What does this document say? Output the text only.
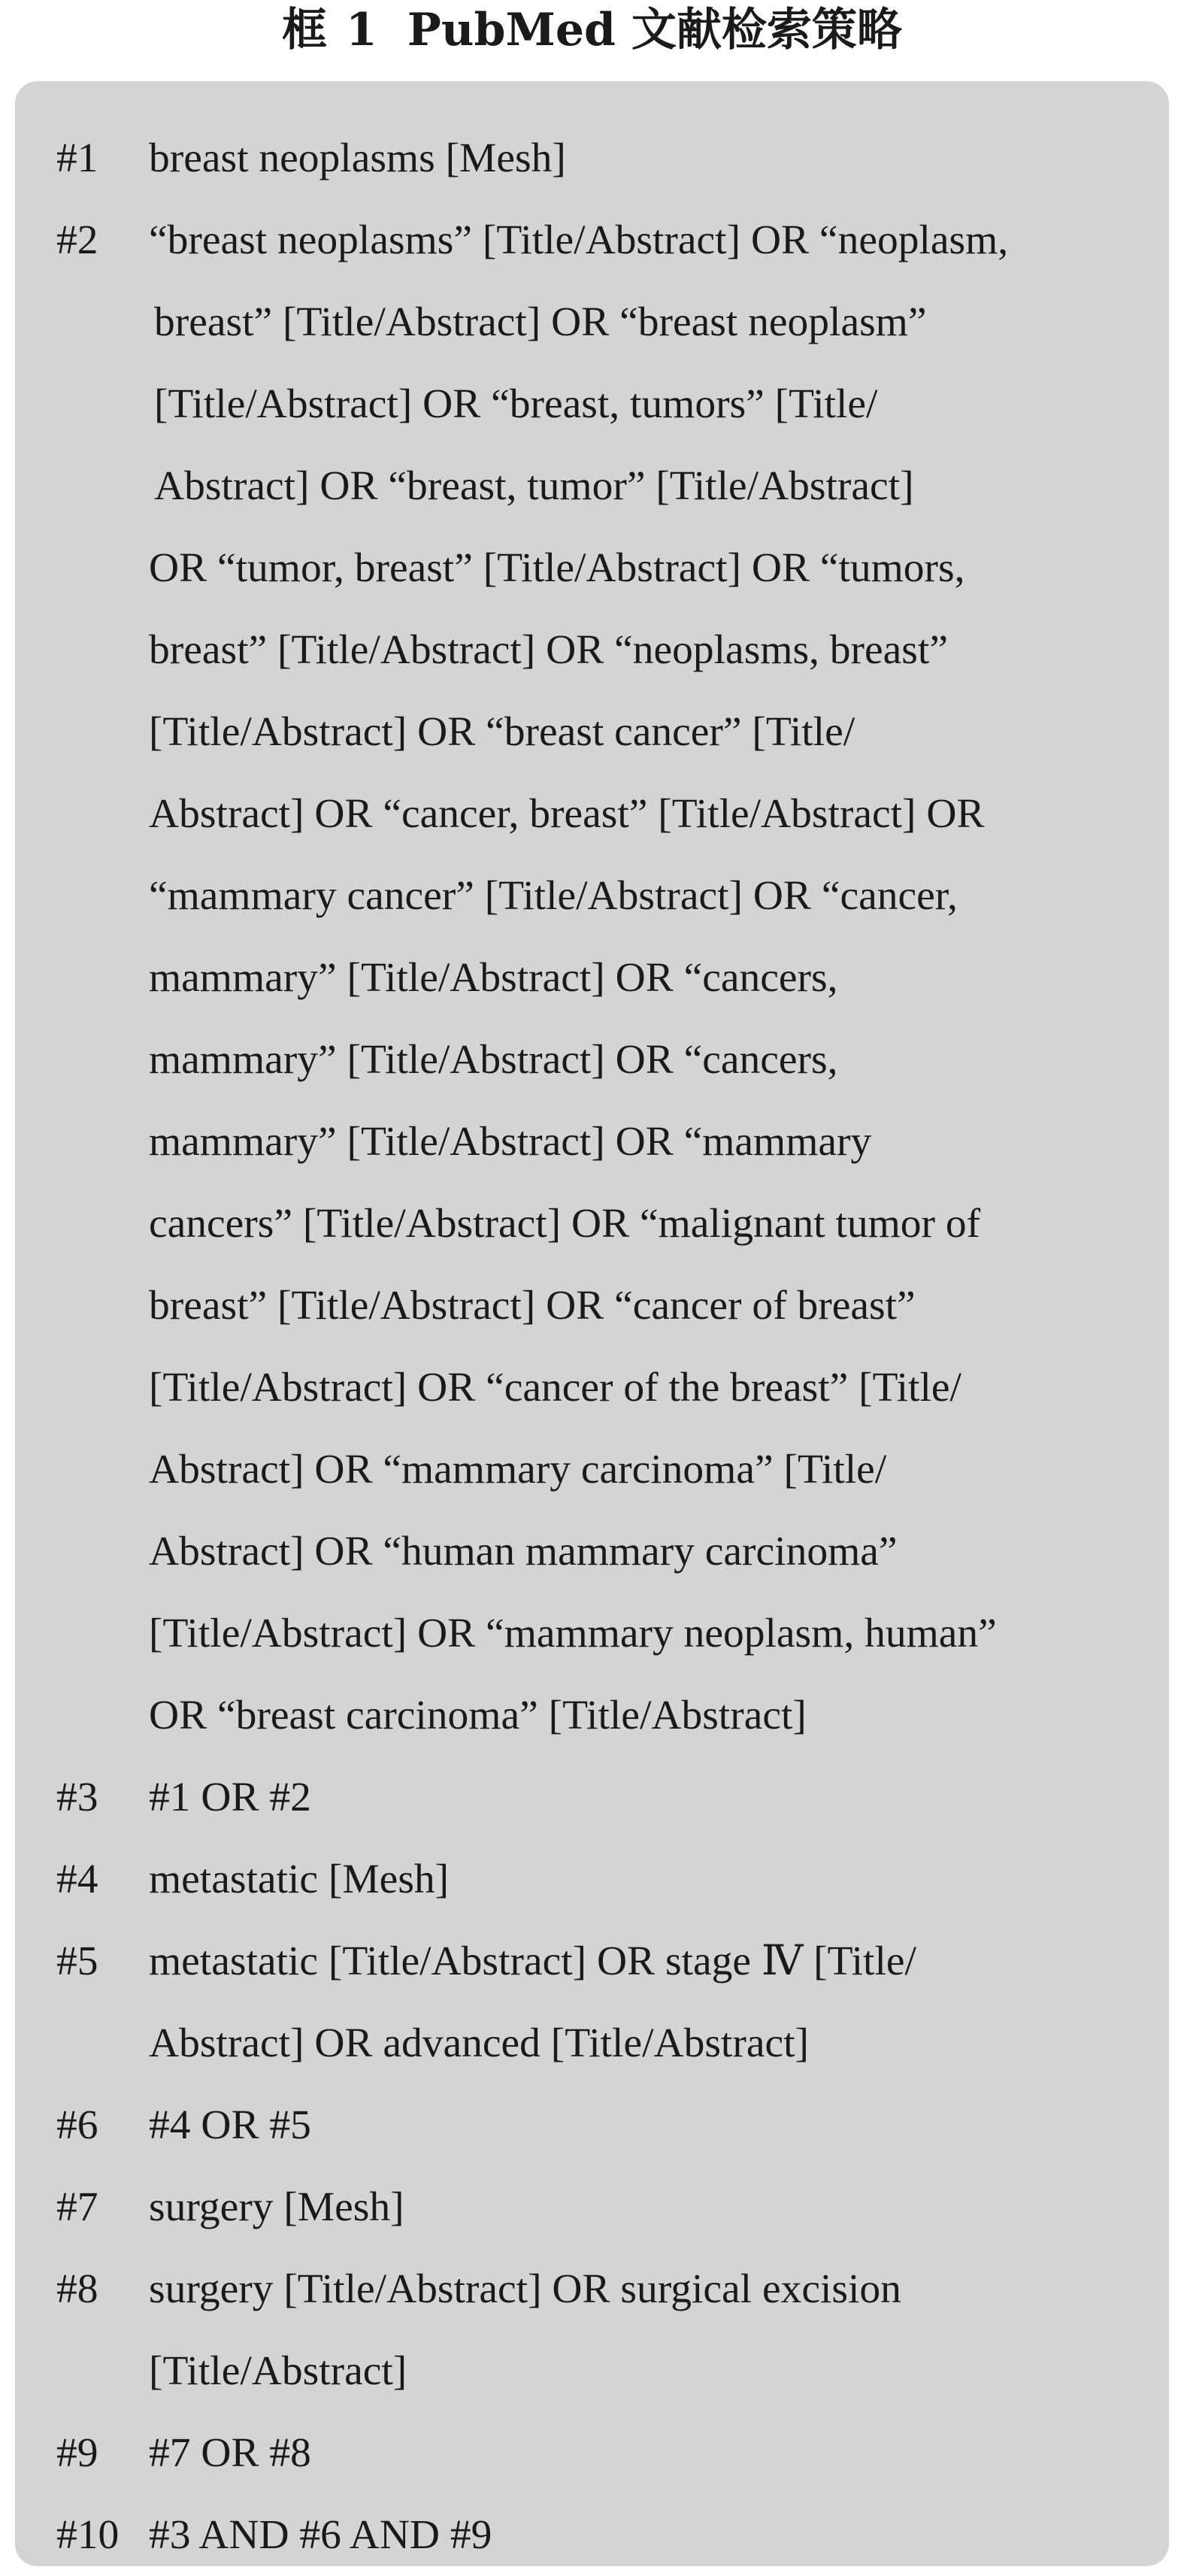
框 1 PubMed 文献检索策略
#1	breast neoplasms [Mesh]
#2	“breast neoplasms” [Title/Abstract] OR “neoplasm,
breast” [Title/Abstract] OR “breast neoplasm”
[Title/Abstract] OR “breast, tumors” [Title/
Abstract] OR “breast, tumor” [Title/Abstract]
OR “tumor, breast” [Title/Abstract] OR “tumors,
breast” [Title/Abstract] OR “neoplasms, breast”
[Title/Abstract] OR “breast cancer” [Title/
Abstract] OR “cancer, breast” [Title/Abstract] OR
“mammary cancer” [Title/Abstract] OR “cancer,
mammary” [Title/Abstract] OR “cancers,
mammary” [Title/Abstract] OR “cancers,
mammary” [Title/Abstract] OR “mammary
cancers” [Title/Abstract] OR “malignant tumor of
breast” [Title/Abstract] OR “cancer of breast”
[Title/Abstract] OR “cancer of the breast” [Title/
Abstract] OR “mammary carcinoma” [Title/
Abstract] OR “human mammary carcinoma”
[Title/Abstract] OR “mammary neoplasm, human”
OR “breast carcinoma” [Title/Abstract]
#3	#1 OR #2
#4	metastatic [Mesh]
#5	metastatic [Title/Abstract] OR stage Ⅳ [Title/
Abstract] OR advanced [Title/Abstract]
#6	#4 OR #5
#7	surgery [Mesh]
#8	surgery [Title/Abstract] OR surgical excision
[Title/Abstract]
#9	#7 OR #8
#10 #3 AND #6 AND #9
